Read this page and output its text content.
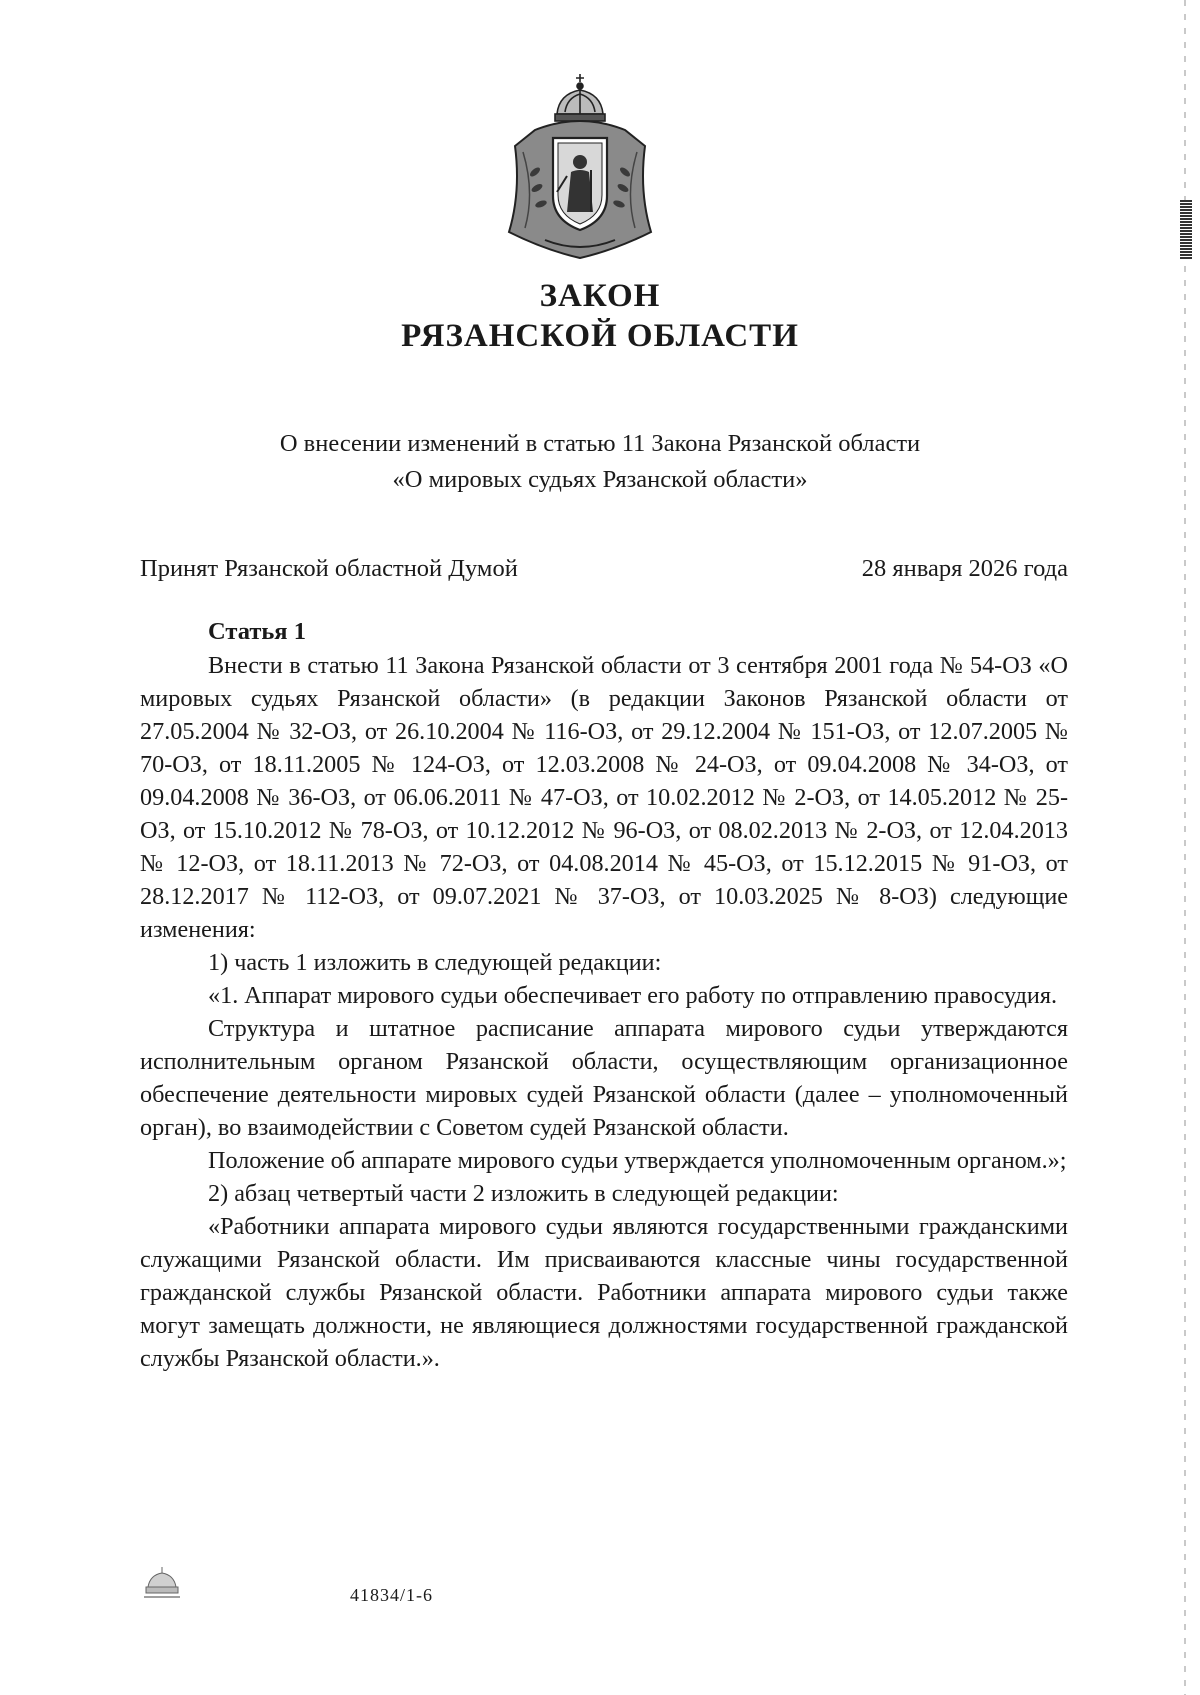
ЗАКОН
РЯЗАНСКОЙ ОБЛАСТИ
О внесении изменений в статью 11 Закона Рязанской области
«О мировых судьях Рязанской области»
Принят Рязанской областной Думой	28 января 2026 года
Статья 1

Внести в статью 11 Закона Рязанской области от 3 сентября 2001 года № 54-ОЗ «О мировых судьях Рязанской области» (в редакции Законов Рязанской области от 27.05.2004 № 32-ОЗ, от 26.10.2004 № 116-ОЗ, от 29.12.2004 № 151-ОЗ, от 12.07.2005 № 70-ОЗ, от 18.11.2005 № 124-ОЗ, от 12.03.2008 № 24-ОЗ, от 09.04.2008 № 34-ОЗ, от 09.04.2008 № 36-ОЗ, от 06.06.2011 № 47-ОЗ, от 10.02.2012 № 2-ОЗ, от 14.05.2012 № 25-ОЗ, от 15.10.2012 № 78-ОЗ, от 10.12.2012 № 96-ОЗ, от 08.02.2013 № 2-ОЗ, от 12.04.2013 № 12-ОЗ, от 18.11.2013 № 72-ОЗ, от 04.08.2014 № 45-ОЗ, от 15.12.2015 № 91-ОЗ, от 28.12.2017 № 112-ОЗ, от 09.07.2021 № 37-ОЗ, от 10.03.2025 № 8-ОЗ) следующие изменения:

1) часть 1 изложить в следующей редакции:

«1. Аппарат мирового судьи обеспечивает его работу по отправлению правосудия.

Структура и штатное расписание аппарата мирового судьи утверждаются исполнительным органом Рязанской области, осуществляющим организационное обеспечение деятельности мировых судей Рязанской области (далее – уполномоченный орган), во взаимодействии с Советом судей Рязанской области.

Положение об аппарате мирового судьи утверждается уполномоченным органом.»;

2) абзац четвертый части 2 изложить в следующей редакции:

«Работники аппарата мирового судьи являются государственными гражданскими служащими Рязанской области. Им присваиваются классные чины государственной гражданской службы Рязанской области. Работники аппарата мирового судьи также могут замещать должности, не являющиеся должностями государственной гражданской службы Рязанской области.».

41834/1-6
